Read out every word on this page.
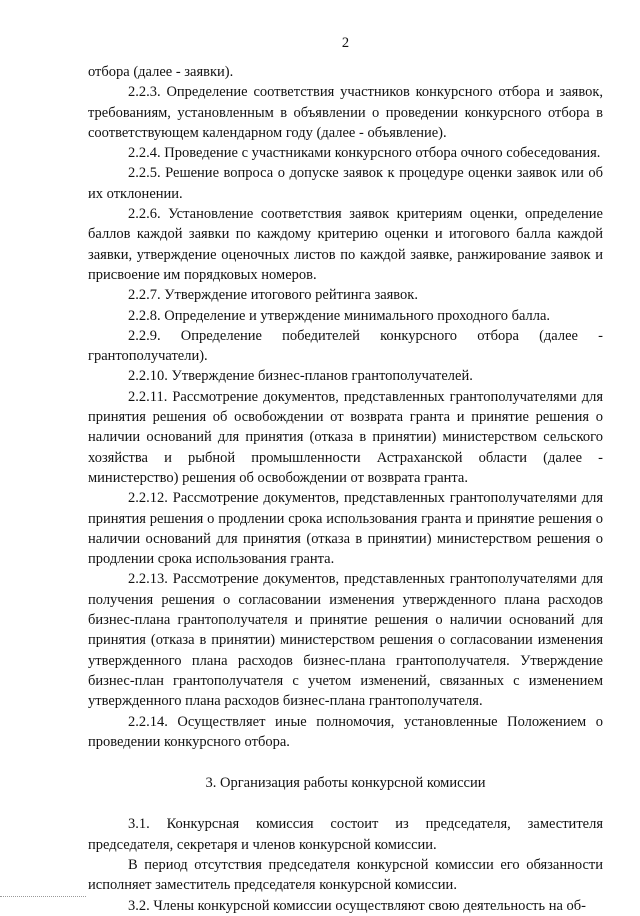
2

отбора (далее - заявки).

2.2.3. Определение соответствия участников конкурсного отбора и заявок, требованиям, установленным в объявлении о проведении конкурсного отбора в соответствующем календарном году (далее - объявление).

2.2.4. Проведение с участниками конкурсного отбора очного собеседования.

2.2.5. Решение вопроса о допуске заявок к процедуре оценки заявок или об их отклонении.

2.2.6. Установление соответствия заявок критериям оценки, определение баллов каждой заявки по каждому критерию оценки и итогового балла каждой заявки, утверждение оценочных листов по каждой заявке, ранжирование заявок и присвоение им порядковых номеров.

2.2.7. Утверждение итогового рейтинга заявок.

2.2.8. Определение и утверждение минимального проходного балла.

2.2.9. Определение победителей конкурсного отбора (далее - грантополучатели).

2.2.10. Утверждение бизнес-планов грантополучателей.

2.2.11. Рассмотрение документов, представленных грантополучателями для принятия решения об освобождении от возврата гранта и принятие решения о наличии оснований для принятия (отказа в принятии) министерством сельского хозяйства и рыбной промышленности Астраханской области (далее - министерство) решения об освобождении от возврата гранта.

2.2.12. Рассмотрение документов, представленных грантополучателями для принятия решения о продлении срока использования гранта и принятие решения о наличии оснований для принятия (отказа в принятии) министерством решения о продлении срока использования гранта.

2.2.13. Рассмотрение документов, представленных грантополучателями для получения решения о согласовании изменения утвержденного плана расходов бизнес-плана грантополучателя и принятие решения о наличии оснований для принятия (отказа в принятии) министерством решения о согласовании изменения утвержденного плана расходов бизнес-плана грантополучателя. Утверждение бизнес-план грантополучателя с учетом изменений, связанных с изменением утвержденного плана расходов бизнес-плана грантополучателя.

2.2.14. Осуществляет иные полномочия, установленные Положением о проведении конкурсного отбора.

3. Организация работы конкурсной комиссии

3.1. Конкурсная комиссия состоит из председателя, заместителя председателя, секретаря и членов конкурсной комиссии.

В период отсутствия председателя конкурсной комиссии его обязанности исполняет заместитель председателя конкурсной комиссии.

3.2. Члены конкурсной комиссии осуществляют свою деятельность на об-
